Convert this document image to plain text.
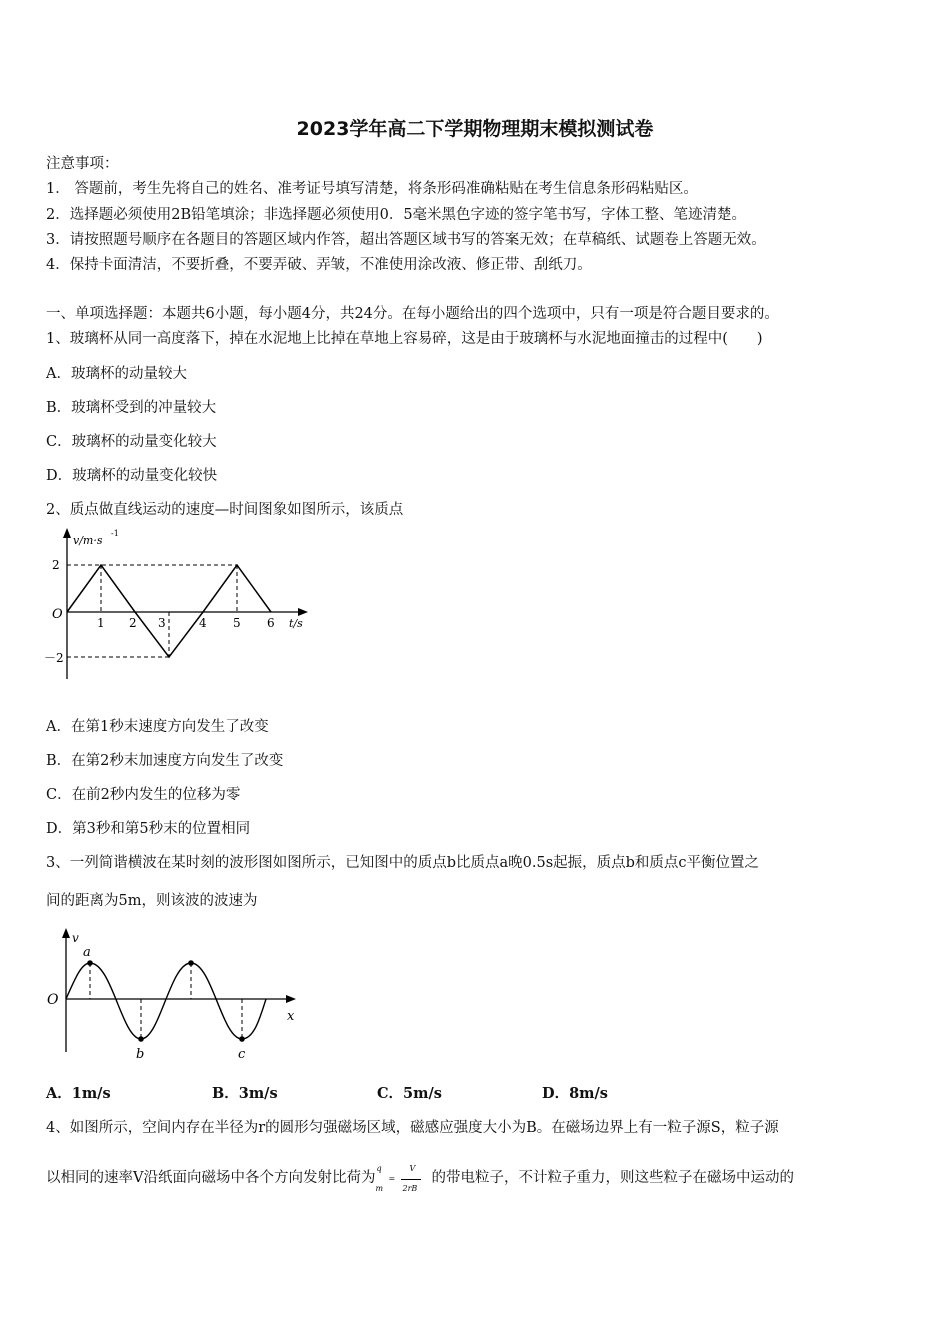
2023学年高二下学期物理期末模拟测试卷
注意事项：
1． 答题前，考生先将自己的姓名、准考证号填写清楚，将条形码准确粘贴在考生信息条形码粘贴区。
2．选择题必须使用2B铅笔填涂；非选择题必须使用0．5毫米黑色字迹的签字笔书写，字体工整、笔迹清楚。
3．请按照题号顺序在各题目的答题区域内作答，超出答题区域书写的答案无效；在草稿纸、试题卷上答题无效。
4．保持卡面清洁，不要折叠，不要弄破、弄皱，不准使用涂改液、修正带、刮纸刀。
一、单项选择题：本题共6小题，每小题4分，共24分。在每小题给出的四个选项中，只有一项是符合题目要求的。
1、玻璃杯从同一高度落下，掉在水泥地上比掉在草地上容易碎，这是由于玻璃杯与水泥地面撞击的过程中(　　)
A．玻璃杯的动量较大
B．玻璃杯受到的冲量较大
C．玻璃杯的动量变化较大
D．玻璃杯的动量变化较快
2、质点做直线运动的速度—时间图象如图所示，该质点
v/m·s
-1
t/s
O
2
－2
1 2 3	4 5 6
A．在第1秒末速度方向发生了改变
B．在第2秒末加速度方向发生了改变
C．在前2秒内发生的位移为零
D．第3秒和第5秒末的位置相同
3、一列简谐横波在某时刻的波形图如图所示，已知图中的质点b比质点a晚0.5s起振，质点b和质点c平衡位置之
间的距离为5m，则该波的波速为
v
x
O
a
b	c
A．1m/s	B．3m/s	C．5m/s	D．8m/s
4、如图所示，空间内存在半径为r的圆形匀强磁场区域，磁感应强度大小为B。在磁场边界上有一粒子源S，粒子源
以相同的速率V沿纸面向磁场中各个方向发射比荷为
q
m
=
V
2rB
的带电粒子，不计粒子重力，则这些粒子在磁场中运动的
